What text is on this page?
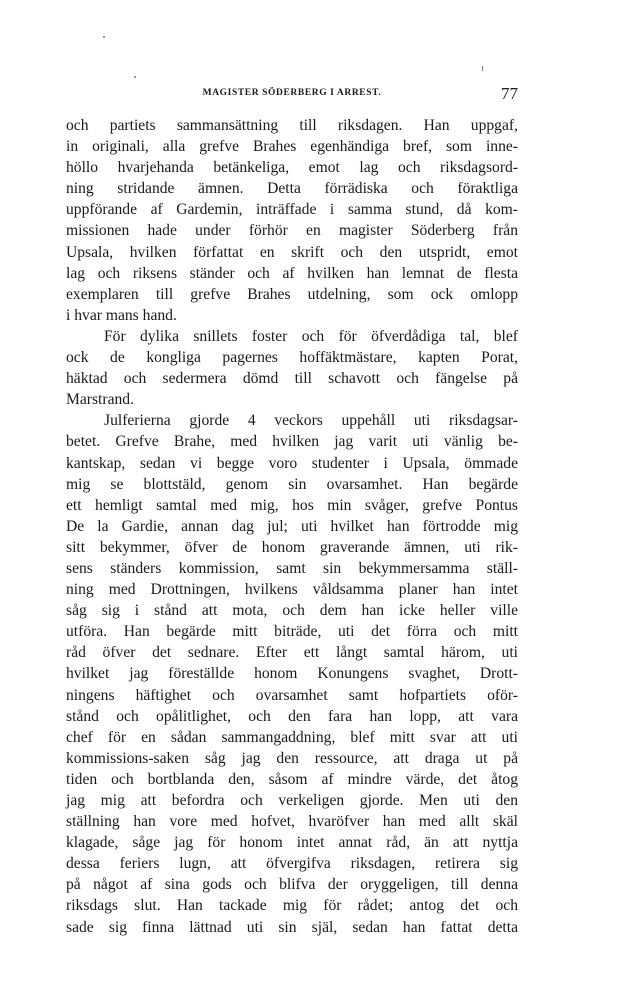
MAGISTER SÖDERBERG I ARREST.	77
och partiets sammansättning till riksdagen. Han uppgaf,
in originali, alla grefve Brahes egenhändiga bref, som inne-
höllo hvarjehanda betänkeliga, emot lag och riksdagsord-
ning stridande ämnen. Detta förrädiska och föraktliga
uppförande af Gardemin, inträffade i samma stund, då kom-
missionen hade under förhör en magister Söderberg från
Upsala, hvilken författat en skrift och den utspridt, emot
lag och riksens ständer och af hvilken han lemnat de flesta
exemplaren till grefve Brahes utdelning, som ock omlopp
i hvar mans hand.
För dylika snillets foster och för öfverdådiga tal, blef
ock de kongliga pagernes hoffäktmästare, kapten Porat,
häktad och sedermera dömd till schavott och fängelse på
Marstrand.
Julferierna gjorde 4 veckors uppehåll uti riksdagsar-
betet. Grefve Brahe, med hvilken jag varit uti vänlig be-
kantskap, sedan vi begge voro studenter i Upsala, ömmade
mig se blottstäld, genom sin ovarsamhet. Han begärde
ett hemligt samtal med mig, hos min svåger, grefve Pontus
De la Gardie, annan dag jul; uti hvilket han förtrodde mig
sitt bekymmer, öfver de honom graverande ämnen, uti rik-
sens ständers kommission, samt sin bekymmersamma ställ-
ning med Drottningen, hvilkens våldsamma planer han intet
såg sig i stånd att mota, och dem han icke heller ville
utföra. Han begärde mitt biträde, uti det förra och mitt
råd öfver det sednare. Efter ett långt samtal härom, uti
hvilket jag föreställde honom Konungens svaghet, Drott-
ningens häftighet och ovarsamhet samt hofpartiets oför-
stånd och opålitlighet, och den fara han lopp, att vara
chef för en sådan sammangaddning, blef mitt svar att uti
kommissions-saken såg jag den ressource, att draga ut på
tiden och bortblanda den, såsom af mindre värde, det åtog
jag mig att befordra och verkeligen gjorde. Men uti den
ställning han vore med hofvet, hvaröfver han med allt skäl
klagade, såge jag för honom intet annat råd, än att nyttja
dessa feriers lugn, att öfvergifva riksdagen, retirera sig
på något af sina gods och blifva der oryggeligen, till denna
riksdags slut. Han tackade mig för rådet; antog det och
sade sig finna lättnad uti sin själ, sedan han fattat detta
